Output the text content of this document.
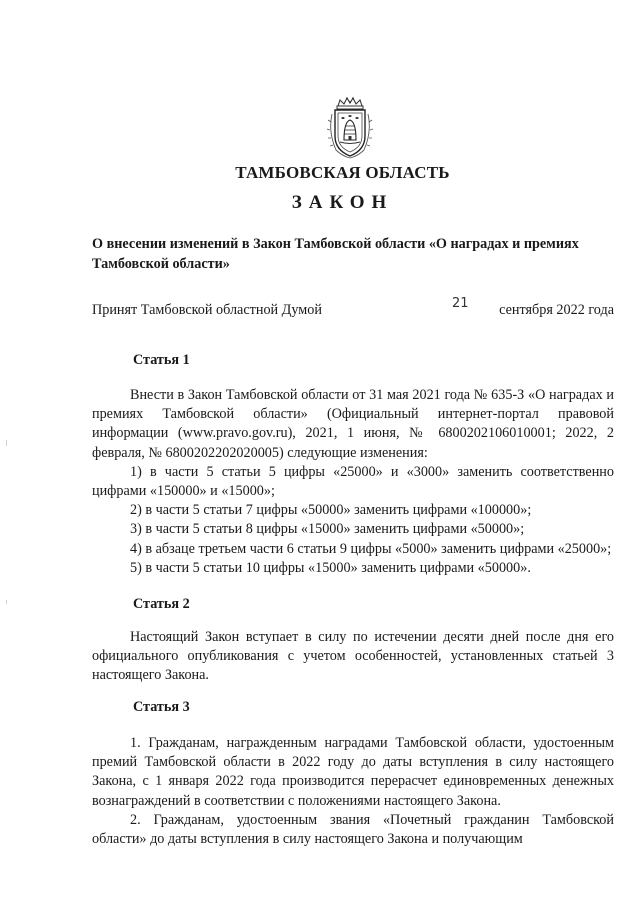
ТАМБОВСКАЯ ОБЛАСТЬ
ЗАКОН
О внесении изменений в Закон Тамбовской области «О наградах и премиях Тамбовской области»
Принят Тамбовской областной Думой	21 сентября 2022 года
Статья 1

Внести в Закон Тамбовской области от 31 мая 2021 года № 635-З «О наградах и премиях Тамбовской области» (Официальный интернет-портал правовой информации (www.pravo.gov.ru), 2021, 1 июня, № 6800202106010001; 2022, 2 февраля, № 6800202202020005) следующие изменения:

1) в части 5 статьи 5 цифры «25000» и «3000» заменить соответственно цифрами «150000» и «15000»;

2) в части 5 статьи 7 цифры «50000» заменить цифрами «100000»;

3) в части 5 статьи 8 цифры «15000» заменить цифрами «50000»;

4) в абзаце третьем части 6 статьи 9 цифры «5000» заменить цифрами «25000»;

5) в части 5 статьи 10 цифры «15000» заменить цифрами «50000».

Статья 2

Настоящий Закон вступает в силу по истечении десяти дней после дня его официального опубликования с учетом особенностей, установленных статьей 3 настоящего Закона.

Статья 3

1. Гражданам, награжденным наградами Тамбовской области, удостоенным премий Тамбовской области в 2022 году до даты вступления в силу настоящего Закона, с 1 января 2022 года производится перерасчет единовременных денежных вознаграждений в соответствии с положениями настоящего Закона.

2. Гражданам, удостоенным звания «Почетный гражданин Тамбовской области» до даты вступления в силу настоящего Закона и получающим
